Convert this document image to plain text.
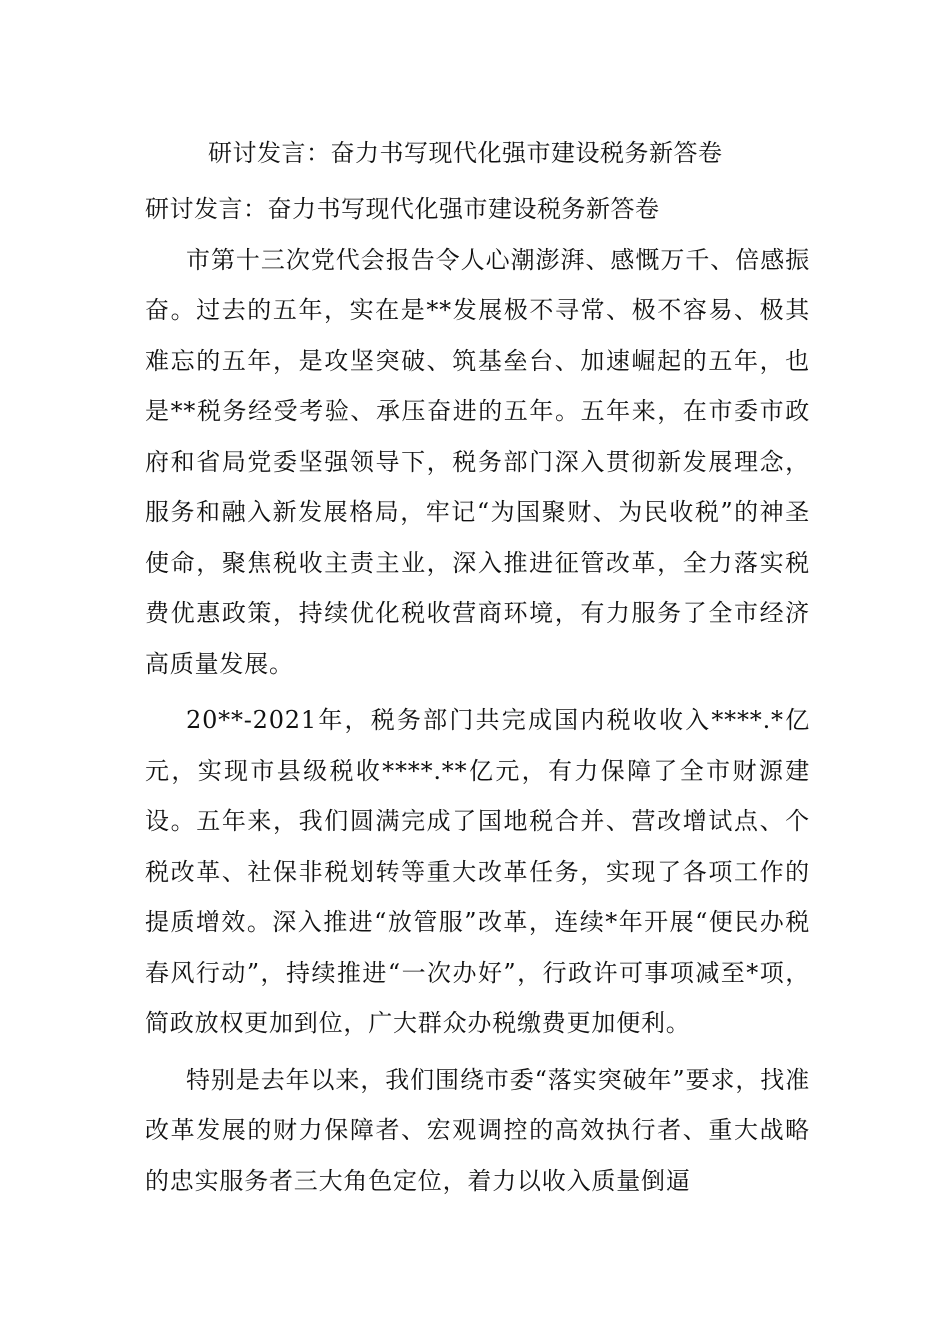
研讨发言：奋力书写现代化强市建设税务新答卷

研讨发言：奋力书写现代化强市建设税务新答卷

市第十三次党代会报告令人心潮澎湃、感慨万千、倍感振奋。过去的五年，实在是**发展极不寻常、极不容易、极其难忘的五年，是攻坚突破、筑基垒台、加速崛起的五年，也是**税务经受考验、承压奋进的五年。五年来，在市委市政府和省局党委坚强领导下，税务部门深入贯彻新发展理念，服务和融入新发展格局，牢记“为国聚财、为民收税”的神圣使命，聚焦税收主责主业，深入推进征管改革，全力落实税费优惠政策，持续优化税收营商环境，有力服务了全市经济高质量发展。

20**-2021年，税务部门共完成国内税收收入****.*亿元，实现市县级税收****.**亿元，有力保障了全市财源建设。五年来，我们圆满完成了国地税合并、营改增试点、个税改革、社保非税划转等重大改革任务，实现了各项工作的提质增效。深入推进“放管服”改革，连续*年开展“便民办税春风行动”，持续推进“一次办好”，行政许可事项减至*项，简政放权更加到位，广大群众办税缴费更加便利。

特别是去年以来，我们围绕市委“落实突破年”要求，找准改革发展的财力保障者、宏观调控的高效执行者、重大战略的忠实服务者三大角色定位，着力以收入质量倒逼
